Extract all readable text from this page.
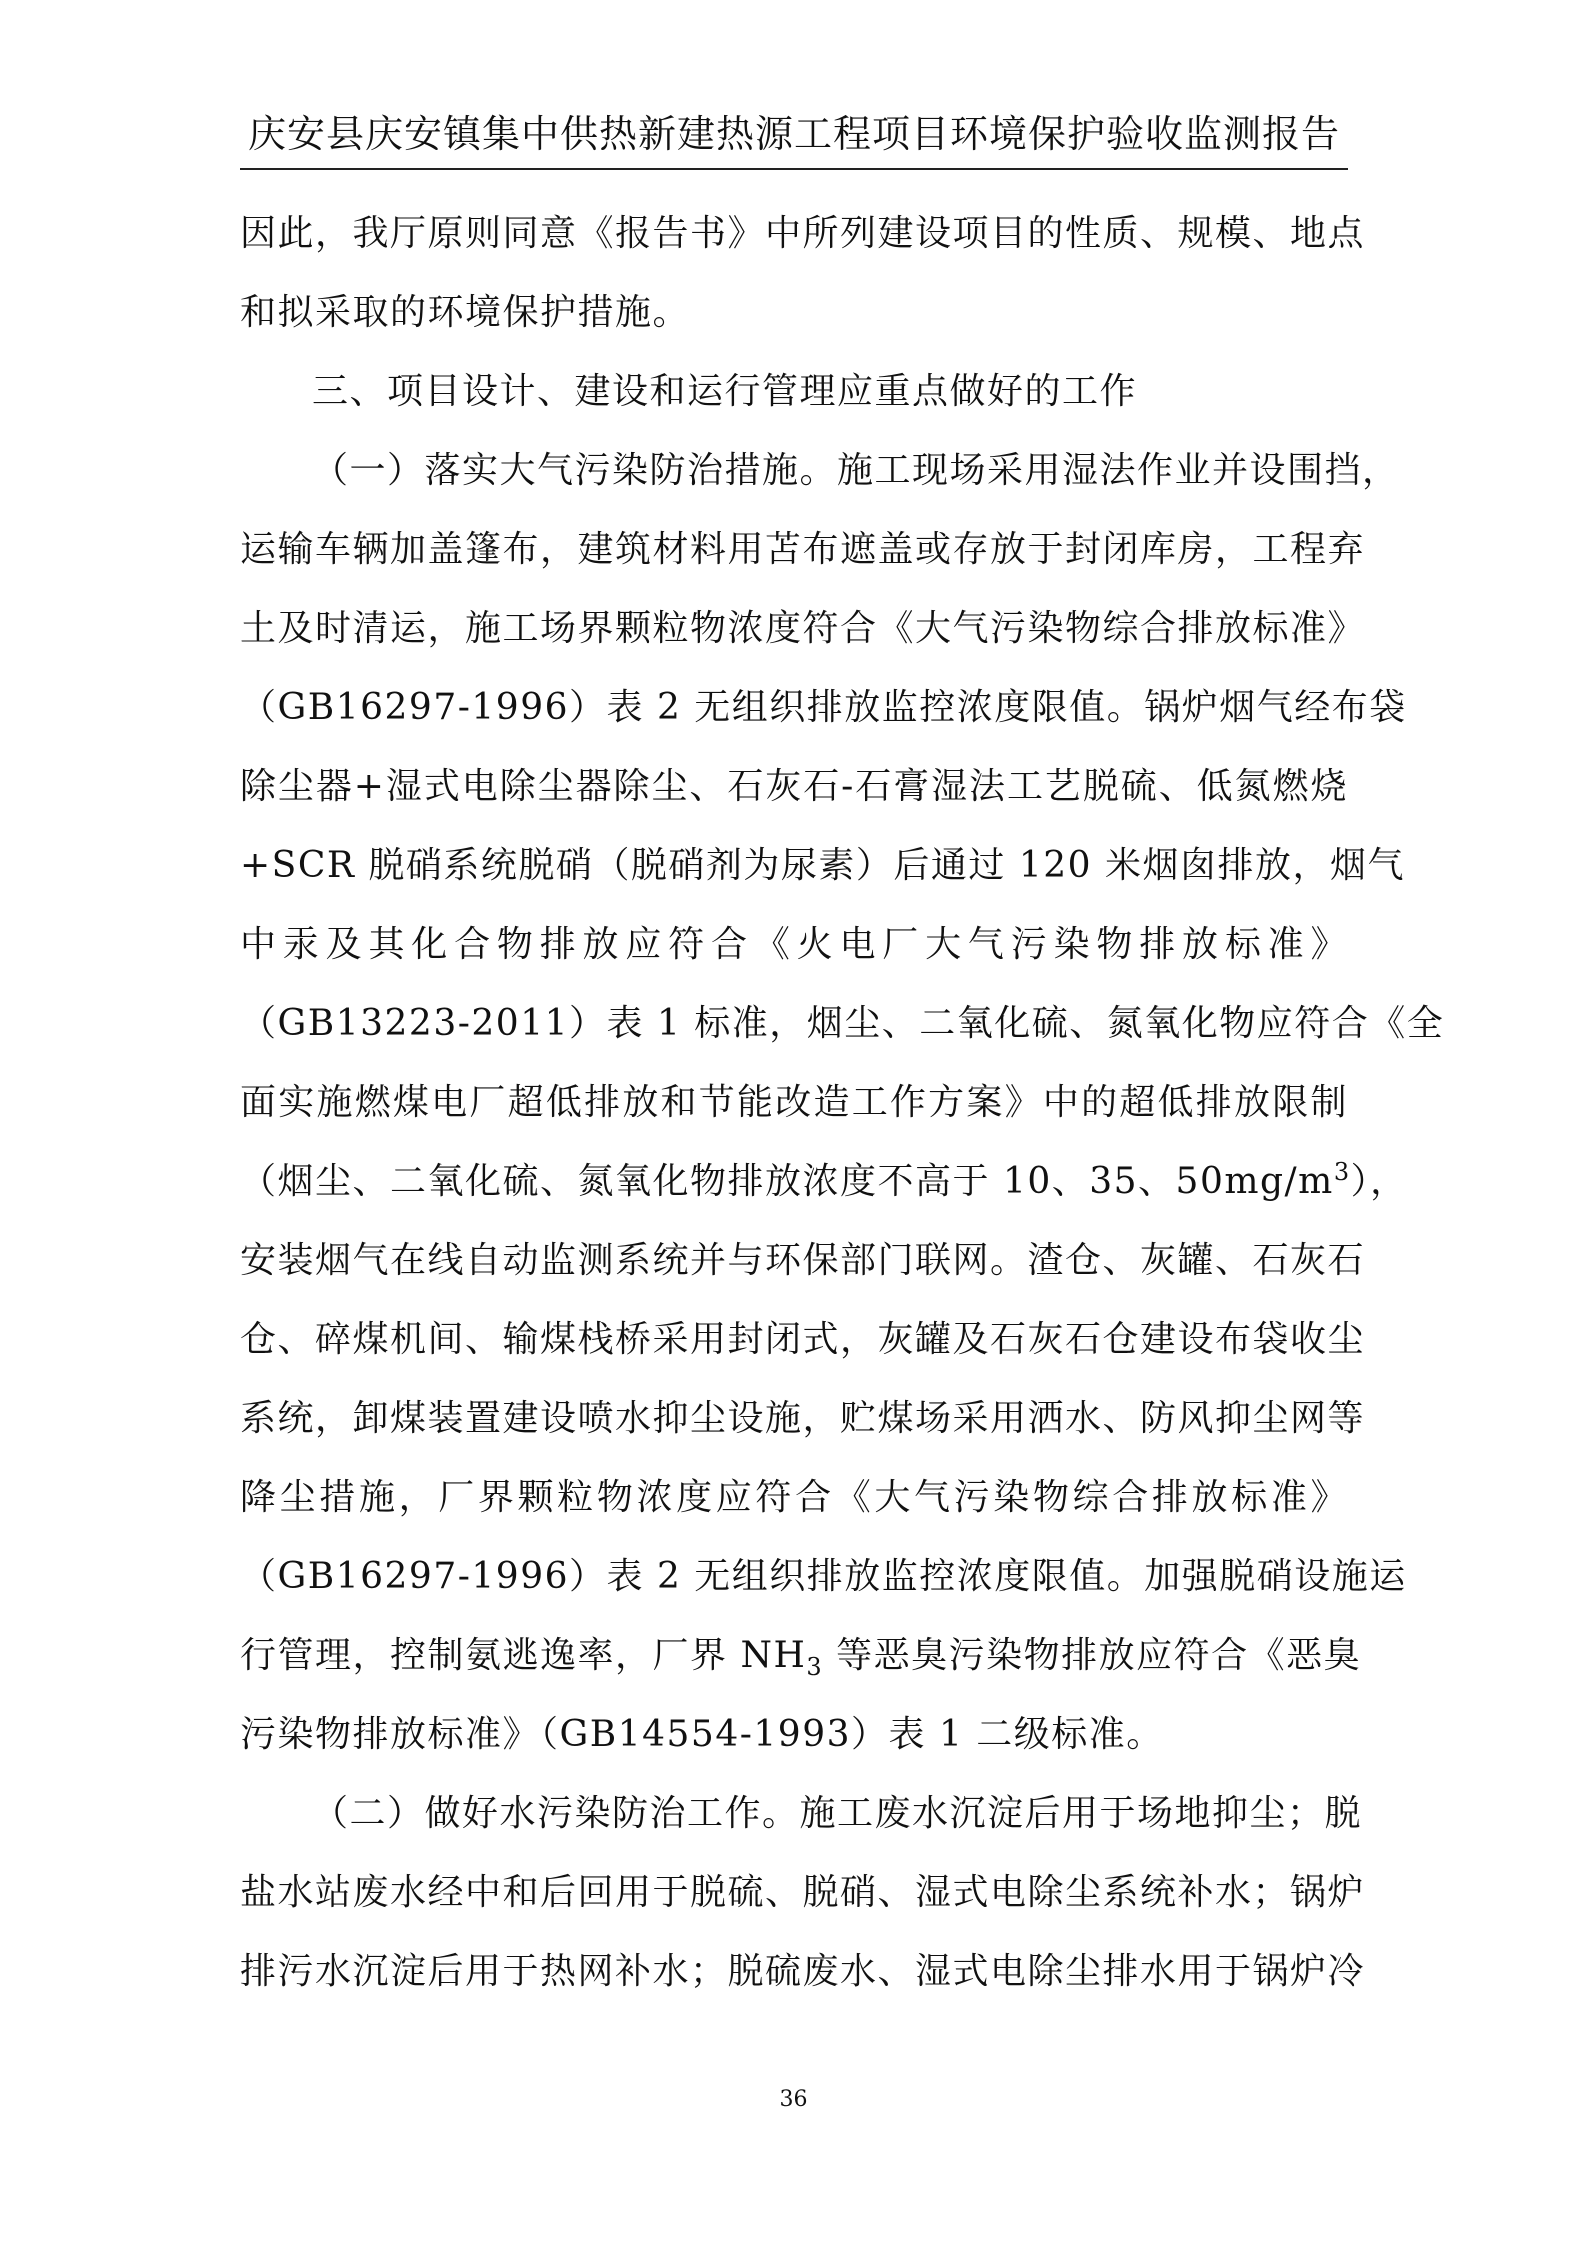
庆安县庆安镇集中供热新建热源工程项目环境保护验收监测报告
因此，我厅原则同意《报告书》中所列建设项目的性质、规模、地点
和拟采取的环境保护措施。
三、项目设计、建设和运行管理应重点做好的工作
（一）落实大气污染防治措施。施工现场采用湿法作业并设围挡，
运输车辆加盖篷布，建筑材料用苫布遮盖或存放于封闭库房，工程弃
土及时清运，施工场界颗粒物浓度符合《大气污染物综合排放标准》
（GB16297-1996）表 2 无组织排放监控浓度限值。锅炉烟气经布袋
除尘器+湿式电除尘器除尘、石灰石-石膏湿法工艺脱硫、低氮燃烧
+SCR 脱硝系统脱硝（脱硝剂为尿素）后通过 120 米烟囱排放，烟气
中汞及其化合物排放应符合《火电厂大气污染物排放标准》
（GB13223-2011）表 1 标准，烟尘、二氧化硫、氮氧化物应符合《全
面实施燃煤电厂超低排放和节能改造工作方案》中的超低排放限制
（烟尘、二氧化硫、氮氧化物排放浓度不高于 10、35、$50mg/m^3$），
安装烟气在线自动监测系统并与环保部门联网。渣仓、灰罐、石灰石
仓、碎煤机间、输煤栈桥采用封闭式，灰罐及石灰石仓建设布袋收尘
系统，卸煤装置建设喷水抑尘设施，贮煤场采用洒水、防风抑尘网等
降尘措施，厂界颗粒物浓度应符合《大气污染物综合排放标准》
（GB16297-1996）表 2 无组织排放监控浓度限值。加强脱硝设施运
行管理，控制氨逃逸率，厂界 $NH_3$ 等恶臭污染物排放应符合《恶臭
污染物排放标准》（GB14554-1993）表 1 二级标准。
（二）做好水污染防治工作。施工废水沉淀后用于场地抑尘；脱
盐水站废水经中和后回用于脱硫、脱硝、湿式电除尘系统补水；锅炉
排污水沉淀后用于热网补水；脱硫废水、湿式电除尘排水用于锅炉冷
36
